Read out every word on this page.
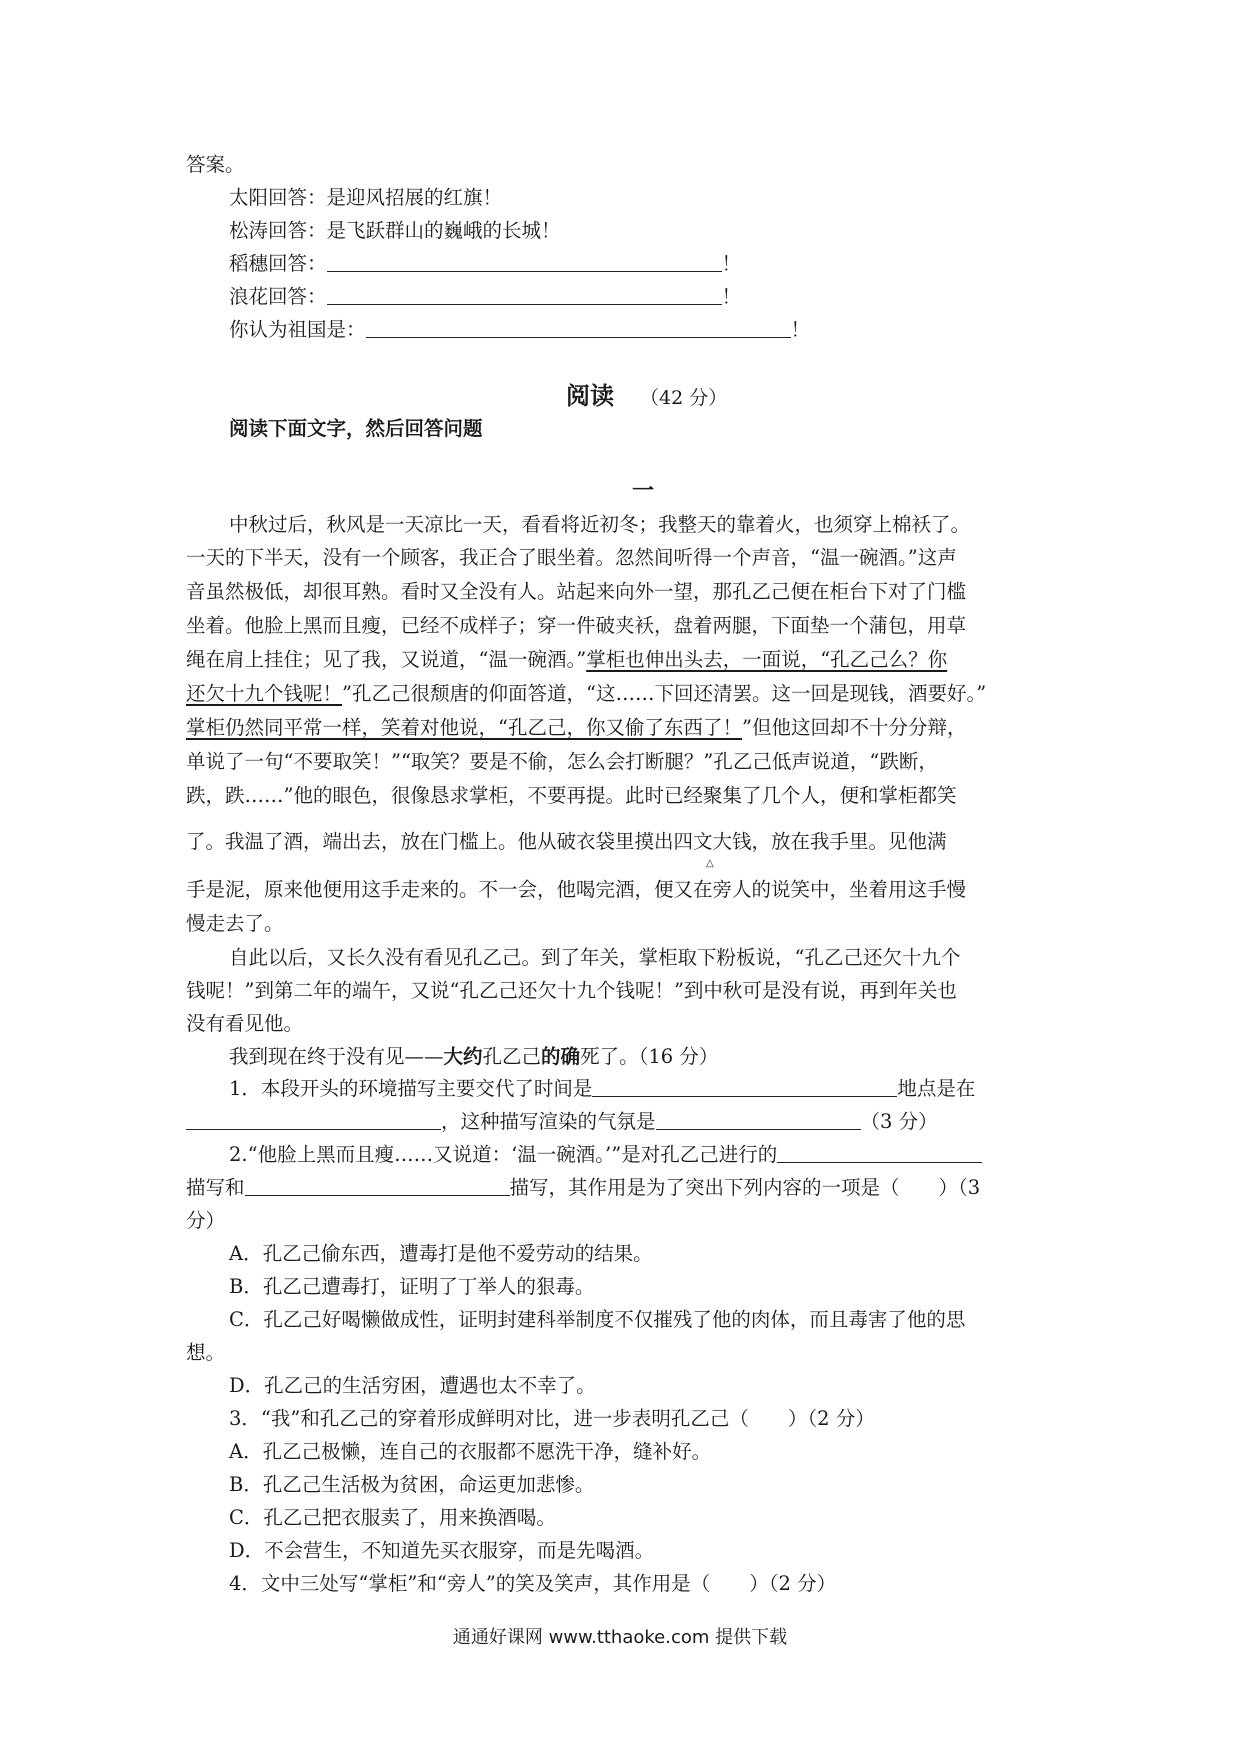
答案。
太阳回答：是迎风招展的红旗！
松涛回答：是飞跃群山的巍峨的长城！
稻穗回答：	！
浪花回答：	！
你认为祖国是：	！
阅读 （42 分）
阅读下面文字，然后回答问题
一
中秋过后，秋风是一天凉比一天，看看将近初冬；我整天的靠着火，也须穿上棉袄了。
一天的下半天，没有一个顾客，我正合了眼坐着。忽然间听得一个声音，“温一碗酒。”这声
音虽然极低，却很耳熟。看时又全没有人。站起来向外一望，那孔乙己便在柜台下对了门槛
坐着。他脸上黑而且瘦，已经不成样子；穿一件破夹袄，盘着两腿，下面垫一个蒲包，用草
绳在肩上挂住；见了我，又说道，“温一碗酒。”掌柜也伸出头去，一面说，“孔乙己么？你
还欠十九个钱呢！”孔乙己很颓唐的仰面答道，“这……下回还清罢。这一回是现钱，酒要好。”
掌柜仍然同平常一样，笑着对他说，“孔乙己，你又偷了东西了！”但他这回却不十分分辩，
单说了一句“不要取笑！”“取笑？要是不偷，怎么会打断腿？”孔乙己低声说道，“跌断，
跌，跌……”他的眼色，很像恳求掌柜，不要再提。此时已经聚集了几个人，便和掌柜都笑
了。我温了酒，端出去，放在门槛上。他从破衣袋里摸出四文大钱，放在我手里。见他满
△
手是泥，原来他便用这手走来的。不一会，他喝完酒，便又在旁人的说笑中，坐着用这手慢
慢走去了。
自此以后，又长久没有看见孔乙己。到了年关，掌柜取下粉板说，“孔乙己还欠十九个
钱呢！”到第二年的端午，又说“孔乙己还欠十九个钱呢！”到中秋可是没有说，再到年关也
没有看见他。
我到现在终于没有见——大约孔乙己的确死了。（16 分）
1．本段开头的环境描写主要交代了时间是	地点是在
，这种描写渲染的气氛是	（3 分）
2.“他脸上黑而且瘦……又说道：‘温一碗酒。’”是对孔乙己进行的
描写和	描写，其作用是为了突出下列内容的一项是（　　）（3
分）
A．孔乙己偷东西，遭毒打是他不爱劳动的结果。
B．孔乙己遭毒打，证明了丁举人的狠毒。
C．孔乙己好喝懒做成性，证明封建科举制度不仅摧残了他的肉体，而且毒害了他的思
想。
D．孔乙己的生活穷困，遭遇也太不幸了。
3．“我”和孔乙己的穿着形成鲜明对比，进一步表明孔乙己（　　）（2 分）
A．孔乙己极懒，连自己的衣服都不愿洗干净，缝补好。
B．孔乙己生活极为贫困，命运更加悲惨。
C．孔乙己把衣服卖了，用来换酒喝。
D．不会营生，不知道先买衣服穿，而是先喝酒。
4．文中三处写“掌柜”和“旁人”的笑及笑声，其作用是（　　）（2 分）
通通好课网 www.tthaoke.com 提供下载
